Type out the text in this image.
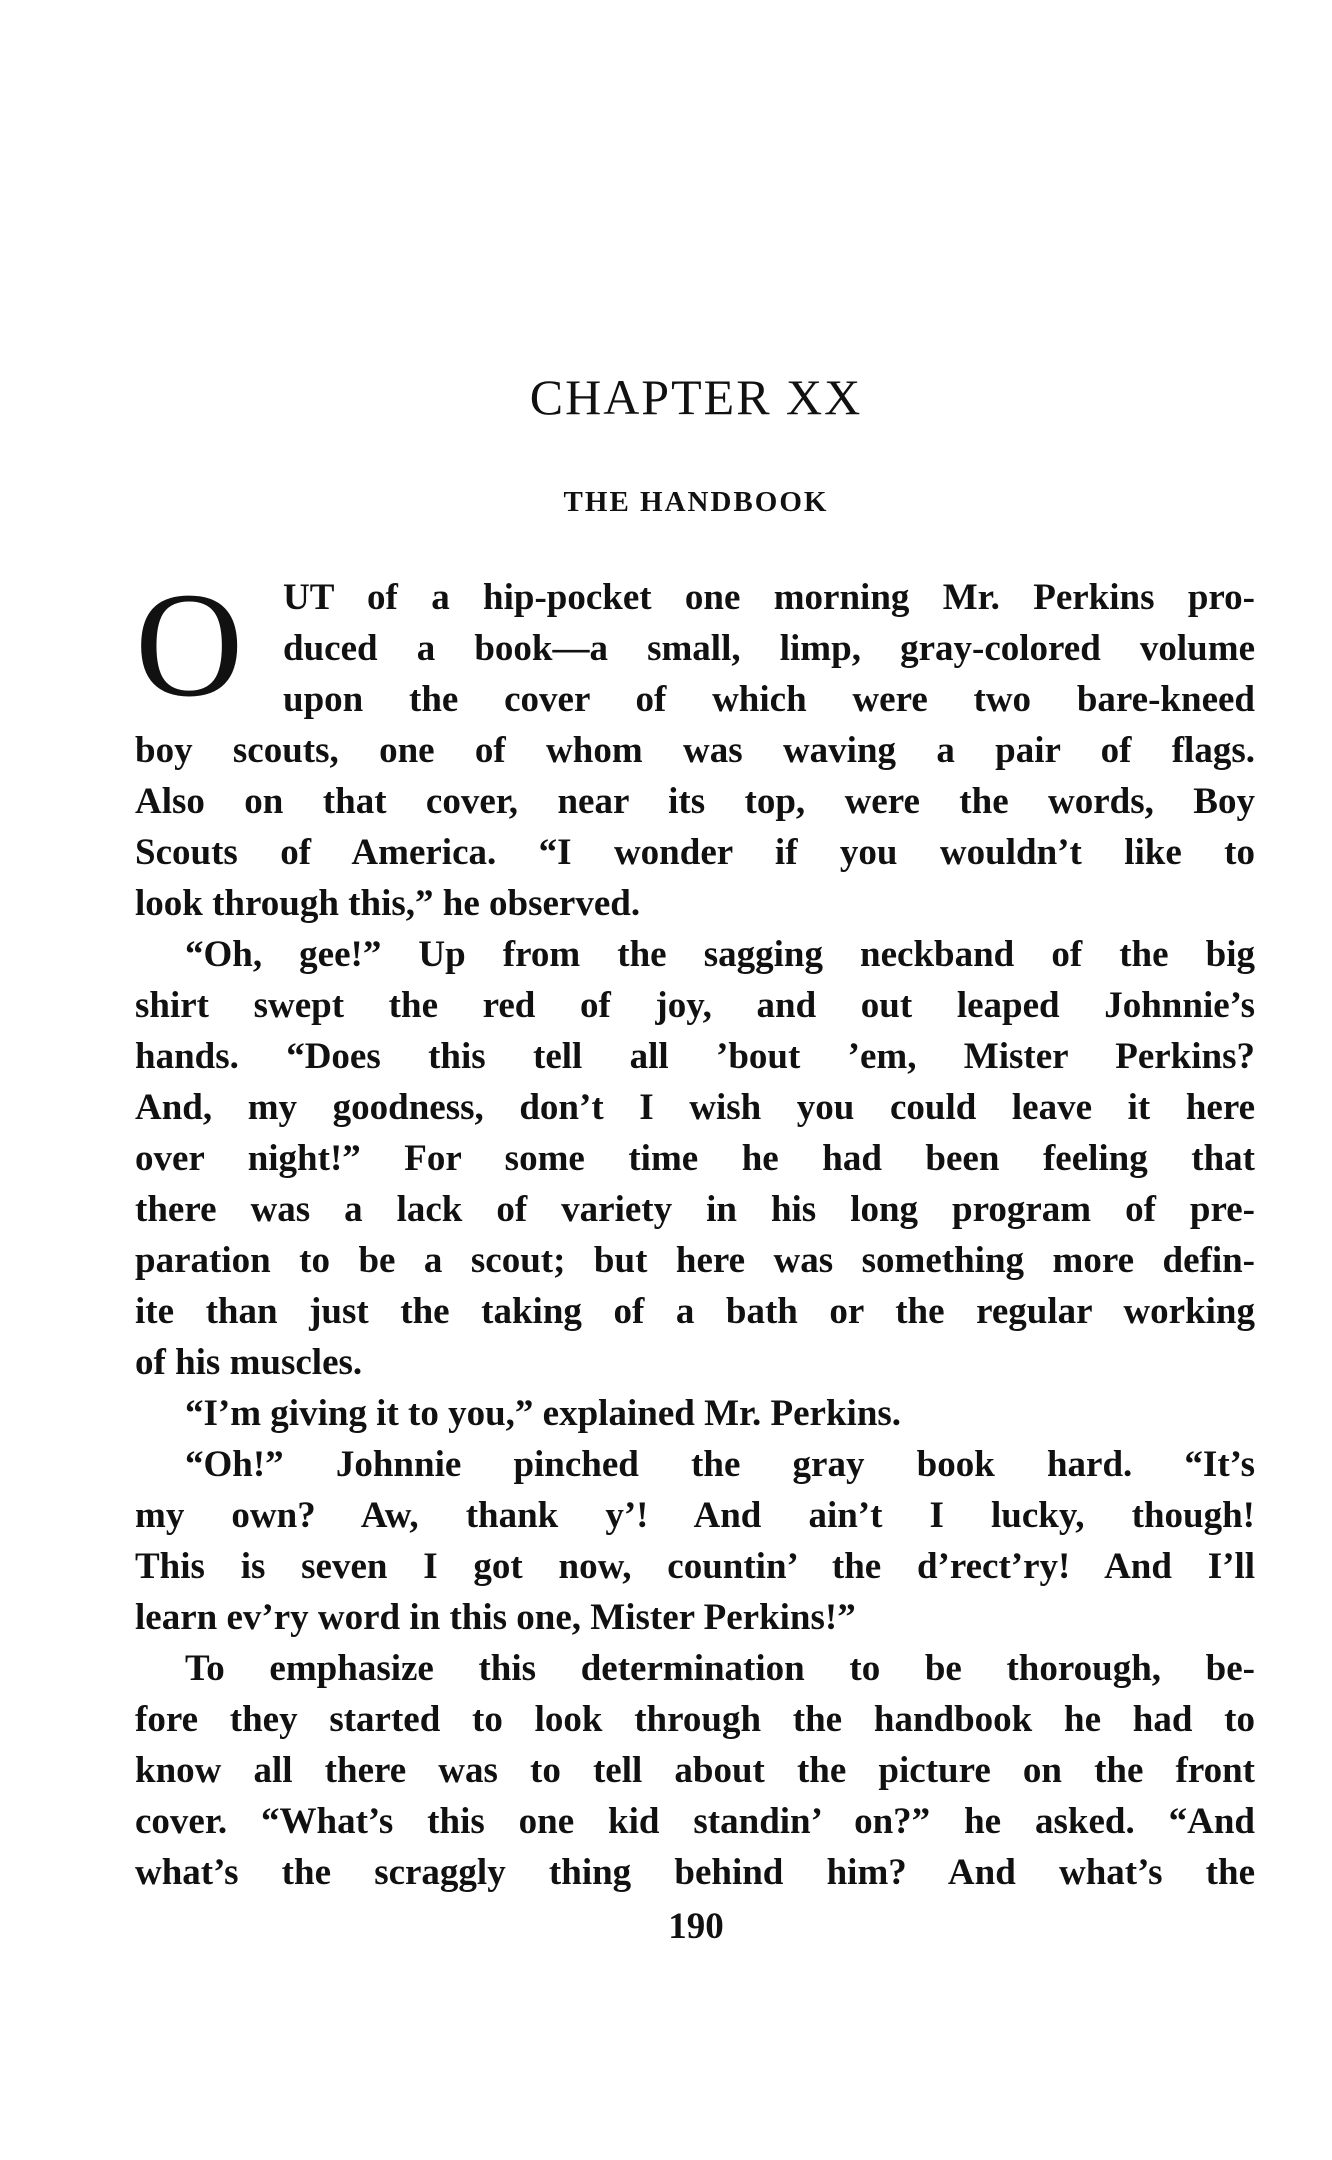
CHAPTER XX
THE HANDBOOK
O	UT of a hip-pocket one morning Mr. Perkins pro-
duced a book—a small, limp, gray-colored volume
upon the cover of which were two bare-kneed
boy scouts, one of whom was waving a pair of flags.
Also on that cover, near its top, were the words, Boy
Scouts of America. “I wonder if you wouldn’t like to
look through this,” he observed.
“Oh, gee!” Up from the sagging neckband of the big
shirt swept the red of joy, and out leaped Johnnie’s
hands. “Does this tell all ’bout ’em, Mister Perkins?
And, my goodness, don’t I wish you could leave it here
over night!” For some time he had been feeling that
there was a lack of variety in his long program of pre-
paration to be a scout; but here was something more defin-
ite than just the taking of a bath or the regular working
of his muscles.
“I’m giving it to you,” explained Mr. Perkins.
“Oh!” Johnnie pinched the gray book hard. “It’s
my own? Aw, thank y’! And ain’t I lucky, though!
This is seven I got now, countin’ the d’rect’ry! And I’ll
learn ev’ry word in this one, Mister Perkins!”
To emphasize this determination to be thorough, be-
fore they started to look through the handbook he had to
know all there was to tell about the picture on the front
cover. “What’s this one kid standin’ on?” he asked. “And
what’s the scraggly thing behind him? And what’s the
190
